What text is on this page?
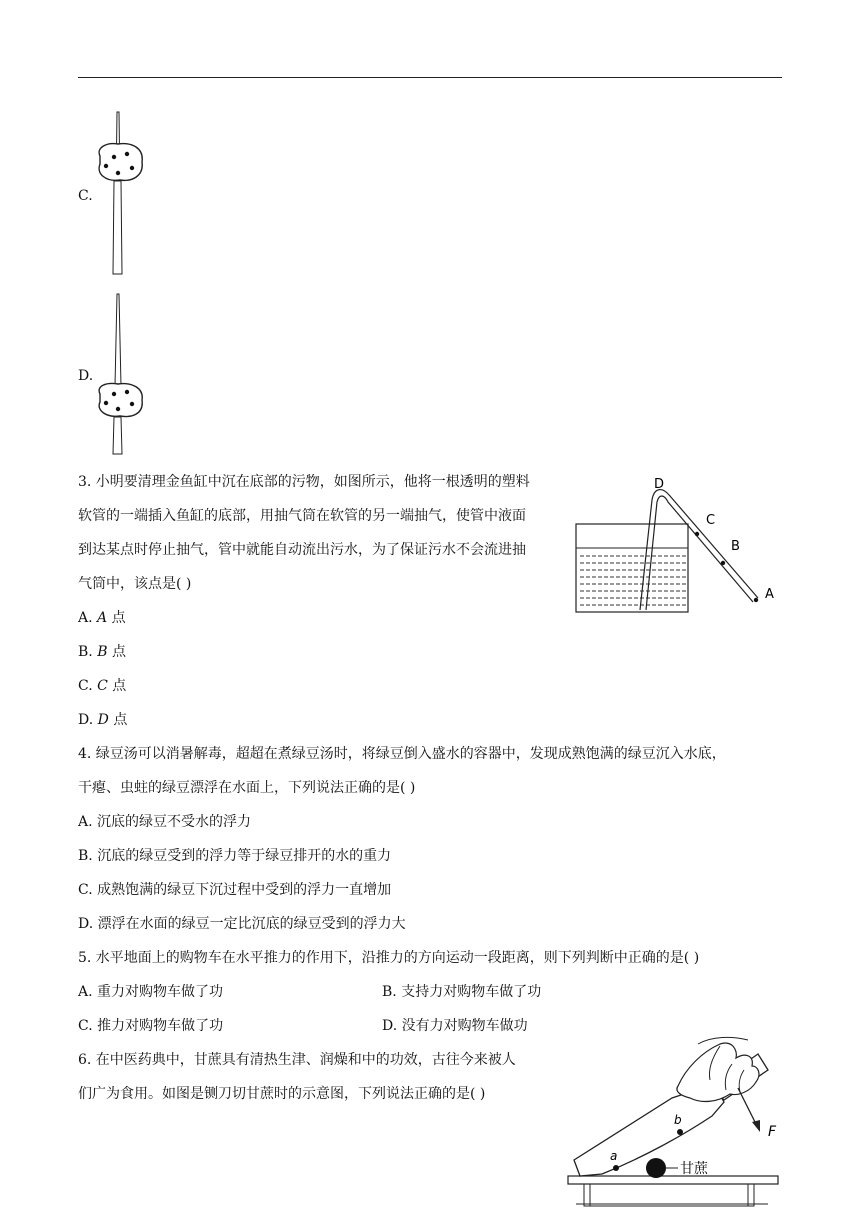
C.
D.
3. 小明要清理金鱼缸中沉在底部的污物，如图所示，他将一根透明的塑料
软管的一端插入鱼缸的底部，用抽气筒在软管的另一端抽气，使管中液面
到达某点时停止抽气，管中就能自动流出污水，为了保证污水不会流进抽
气筒中，该点是( )
A. A 点
B. B 点
C. C 点
D. D 点
D
C
B
A
4. 绿豆汤可以消暑解毒，超超在煮绿豆汤时，将绿豆倒入盛水的容器中，发现成熟饱满的绿豆沉入水底，
干瘪、虫蛀的绿豆漂浮在水面上，下列说法正确的是( )
A. 沉底的绿豆不受水的浮力
B. 沉底的绿豆受到的浮力等于绿豆排开的水的重力
C. 成熟饱满的绿豆下沉过程中受到的浮力一直增加
D. 漂浮在水面的绿豆一定比沉底的绿豆受到的浮力大
5. 水平地面上的购物车在水平推力的作用下，沿推力的方向运动一段距离，则下列判断中正确的是( )
A. 重力对购物车做了功	B. 支持力对购物车做了功
C. 推力对购物车做了功	D. 没有力对购物车做功
6. 在中医药典中，甘蔗具有清热生津、润燥和中的功效，古往今来被人
们广为食用。如图是铡刀切甘蔗时的示意图，下列说法正确的是( )
F
b
a
甘蔗
